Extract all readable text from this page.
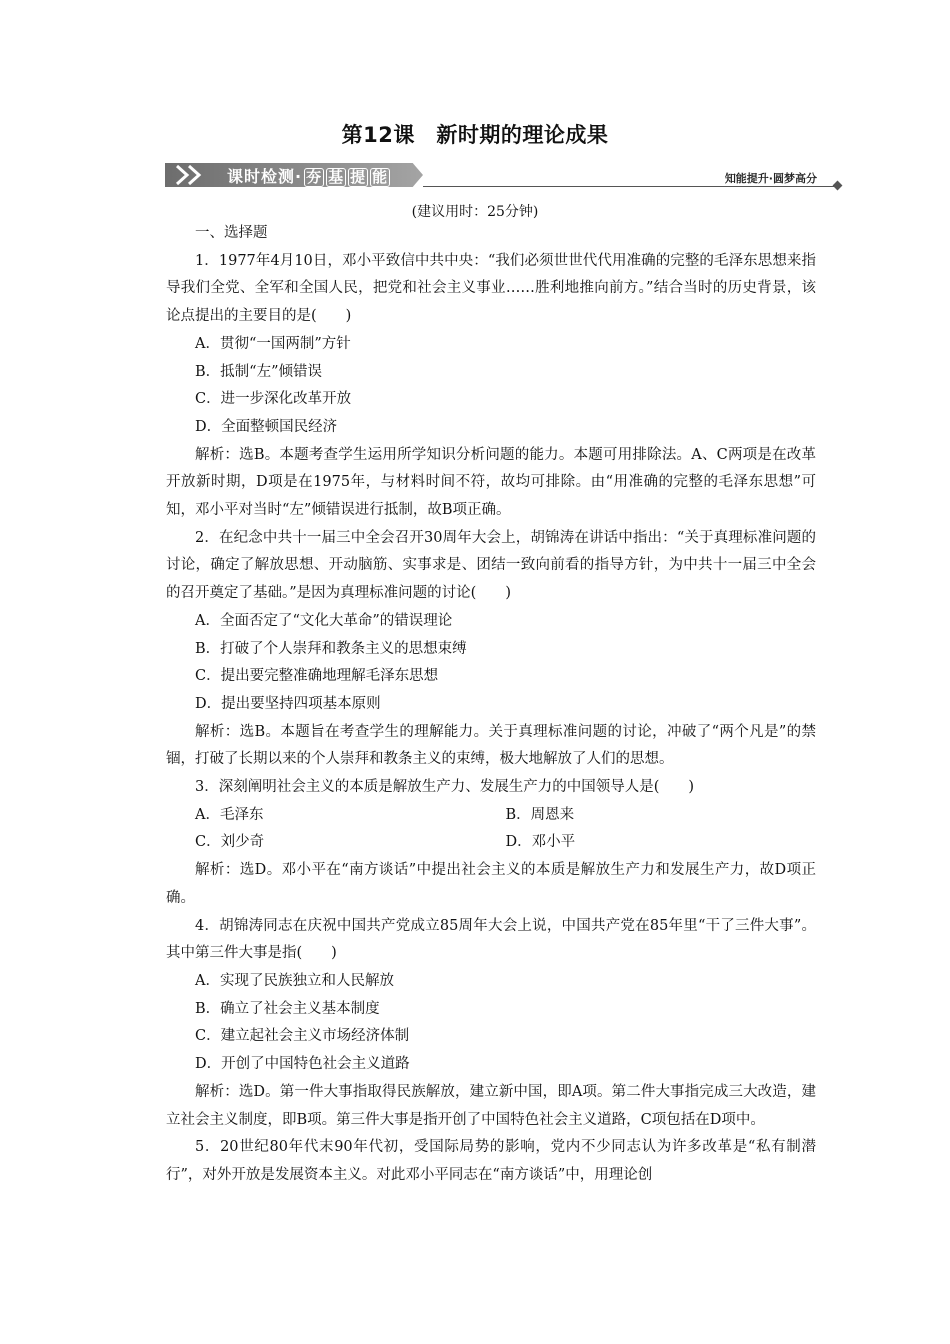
第12课　新时期的理论成果
课时检测· 夯 基 提 能	知能提升·圆梦高分
(建议用时：25分钟)

一、选择题

1．1977年4月10日，邓小平致信中共中央：“我们必须世世代代用准确的完整的毛泽东思想来指导我们全党、全军和全国人民，把党和社会主义事业……胜利地推向前方。”结合当时的历史背景，该论点提出的主要目的是(　　)

A．贯彻“一国两制”方针

B．抵制“左”倾错误

C．进一步深化改革开放

D．全面整顿国民经济

解析：选B。本题考查学生运用所学知识分析问题的能力。本题可用排除法。A、C两项是在改革开放新时期，D项是在1975年，与材料时间不符，故均可排除。由“用准确的完整的毛泽东思想”可知，邓小平对当时“左”倾错误进行抵制，故B项正确。

2．在纪念中共十一届三中全会召开30周年大会上，胡锦涛在讲话中指出：“关于真理标准问题的讨论，确定了解放思想、开动脑筋、实事求是、团结一致向前看的指导方针，为中共十一届三中全会的召开奠定了基础。”是因为真理标准问题的讨论(　　)

A．全面否定了“文化大革命”的错误理论

B．打破了个人崇拜和教条主义的思想束缚

C．提出要完整准确地理解毛泽东思想

D．提出要坚持四项基本原则

解析：选B。本题旨在考查学生的理解能力。关于真理标准问题的讨论，冲破了“两个凡是”的禁锢，打破了长期以来的个人崇拜和教条主义的束缚，极大地解放了人们的思想。

3．深刻阐明社会主义的本质是解放生产力、发展生产力的中国领导人是(　　)

A．毛泽东	B．周恩来
C．刘少奇	D．邓小平

解析：选D。邓小平在“南方谈话”中提出社会主义的本质是解放生产力和发展生产力，故D项正确。

4．胡锦涛同志在庆祝中国共产党成立85周年大会上说，中国共产党在85年里“干了三件大事”。其中第三件大事是指(　　)

A．实现了民族独立和人民解放

B．确立了社会主义基本制度

C．建立起社会主义市场经济体制

D．开创了中国特色社会主义道路

解析：选D。第一件大事指取得民族解放，建立新中国，即A项。第二件大事指完成三大改造，建立社会主义制度，即B项。第三件大事是指开创了中国特色社会主义道路，C项包括在D项中。

5．20世纪80年代末90年代初，受国际局势的影响，党内不少同志认为许多改革是“私有制潜行”，对外开放是发展资本主义。对此邓小平同志在“南方谈话”中，用理论创
